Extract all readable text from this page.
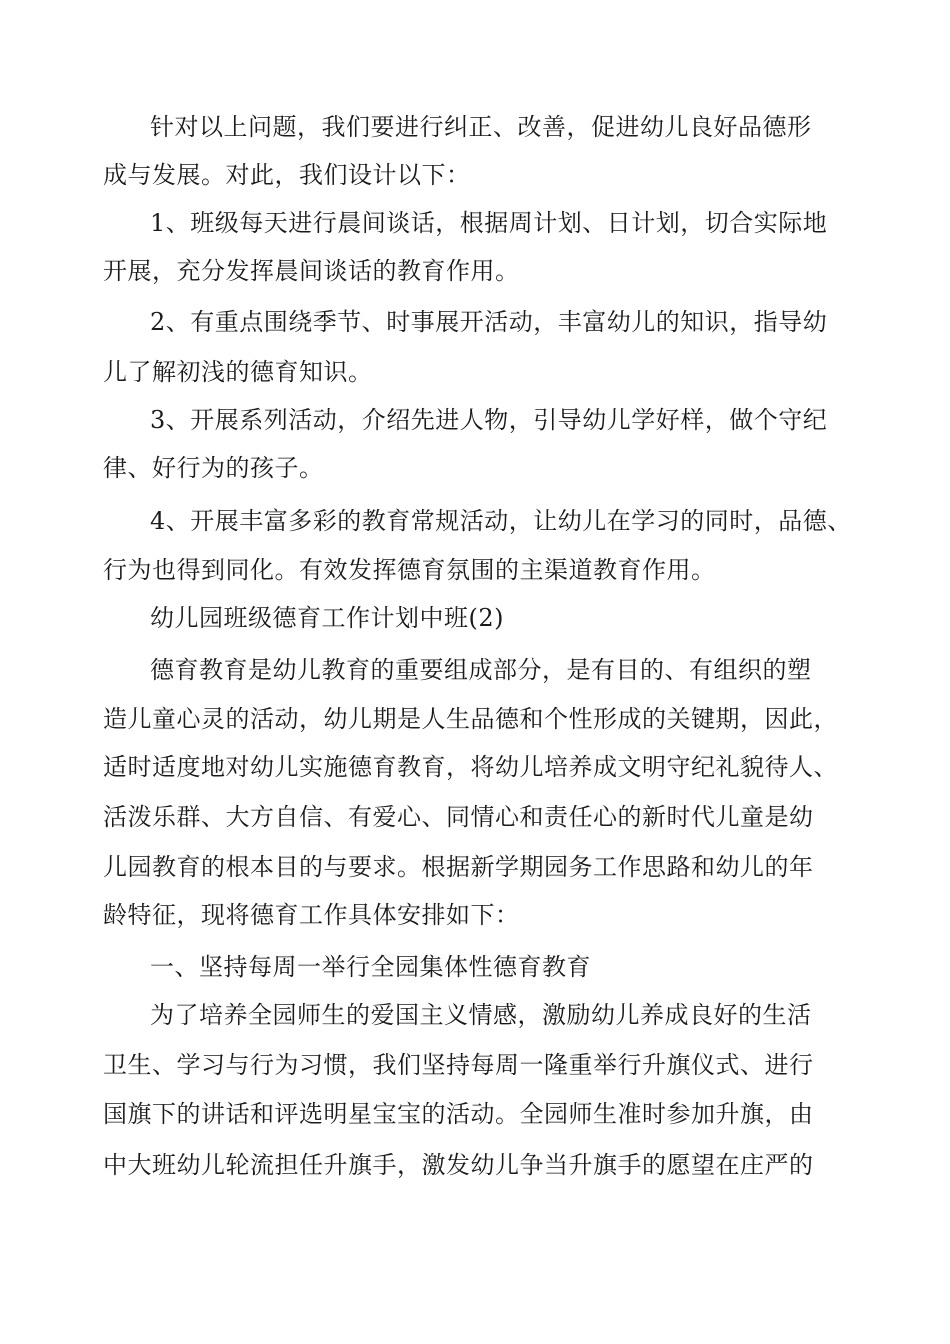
针对以上问题，我们要进行纠正、改善，促进幼儿良好品德形
成与发展。对此，我们设计以下：
1、班级每天进行晨间谈话，根据周计划、日计划，切合实际地
开展，充分发挥晨间谈话的教育作用。
2、有重点围绕季节、时事展开活动，丰富幼儿的知识，指导幼
儿了解初浅的德育知识。
3、开展系列活动，介绍先进人物，引导幼儿学好样，做个守纪
律、好行为的孩子。
4、开展丰富多彩的教育常规活动，让幼儿在学习的同时，品德、
行为也得到同化。有效发挥德育氛围的主渠道教育作用。
幼儿园班级德育工作计划中班(2)
德育教育是幼儿教育的重要组成部分，是有目的、有组织的塑
造儿童心灵的活动，幼儿期是人生品德和个性形成的关键期，因此，
适时适度地对幼儿实施德育教育，将幼儿培养成文明守纪礼貌待人、
活泼乐群、大方自信、有爱心、同情心和责任心的新时代儿童是幼
儿园教育的根本目的与要求。根据新学期园务工作思路和幼儿的年
龄特征，现将德育工作具体安排如下：
一、坚持每周一举行全园集体性德育教育
为了培养全园师生的爱国主义情感，激励幼儿养成良好的生活
卫生、学习与行为习惯，我们坚持每周一隆重举行升旗仪式、进行
国旗下的讲话和评选明星宝宝的活动。全园师生准时参加升旗，由
中大班幼儿轮流担任升旗手，激发幼儿争当升旗手的愿望在庄严的
